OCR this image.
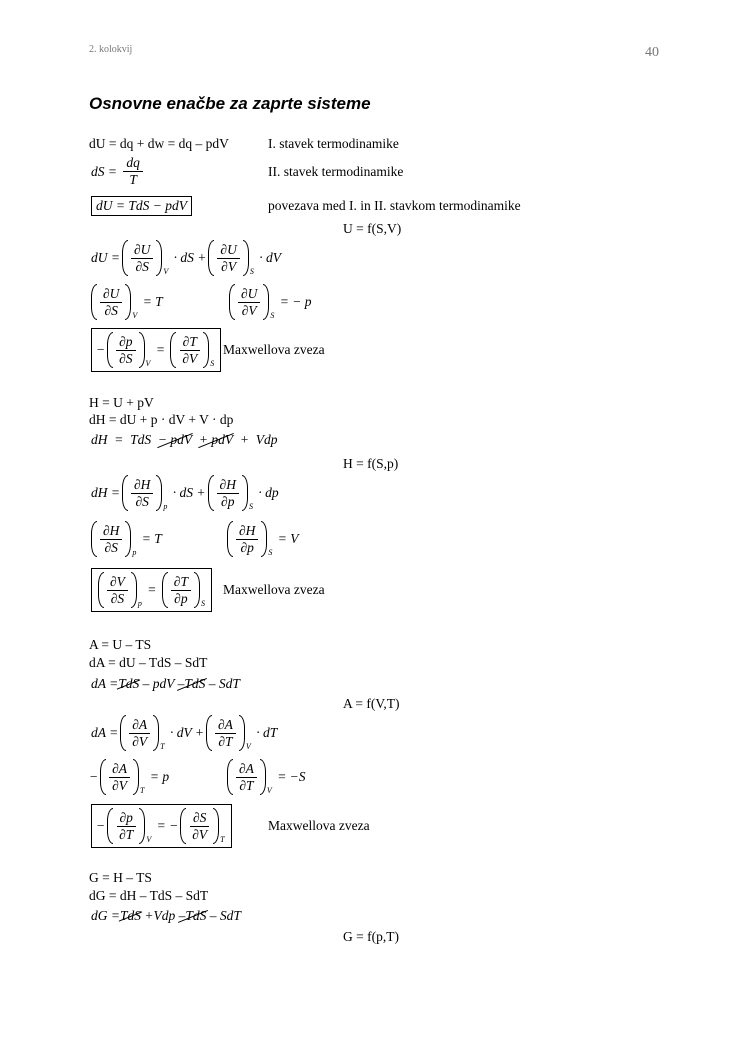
2. kolokvij	40
Osnovne enačbe za zaprte sisteme
dU = dq + dw = dq – pdV	I. stavek termodinamike
dS = $\frac{dq}{T}$	II. stavek termodinamike
dU = TdS − pdV	povezava med I. in II. stavkom termodinamike
U = f(S,V)
dU = $\frac{\partial U}{\partial S}$ V
· dS + $\frac{\partial U}{\partial V}$ S
· dV
$\frac{\partial U}{\partial S}$ V
= T	$\frac{\partial U}{\partial V}$ S
= − p
− $\frac{\partial p}{\partial S}$ V
= $\frac{\partial T}{\partial V}$ S
Maxwellova zveza
H = U + pV
dH = dU + p · dV + V · dp
dH  =  TdS  − pdV + pdV  +  Vdp
H = f(S,p)
dH = $\frac{\partial H}{\partial S}$ p
· dS + $\frac{\partial H}{\partial p}$ S
· dp
$\frac{\partial H}{\partial S}$ p
= T	$\frac{\partial H}{\partial p}$ S
= V
$\frac{\partial V}{\partial S}$ p
= $\frac{\partial T}{\partial p}$ S
Maxwellova zveza
A = U – TS
dA = dU – TdS – SdT
dA =TdS – pdV –TdS – SdT
A = f(V,T)
dA = $\frac{\partial A}{\partial V}$ T
· dV + $\frac{\partial A}{\partial T}$ V
· dT
− $\frac{\partial A}{\partial V}$ T
= p	$\frac{\partial A}{\partial T}$ V
= −S
− $\frac{\partial p}{\partial T}$ V
= − $\frac{\partial S}{\partial V}$ T
Maxwellova zveza
G = H – TS
dG = dH – TdS – SdT
dG =TdS +Vdp –TdS – SdT
G = f(p,T)
